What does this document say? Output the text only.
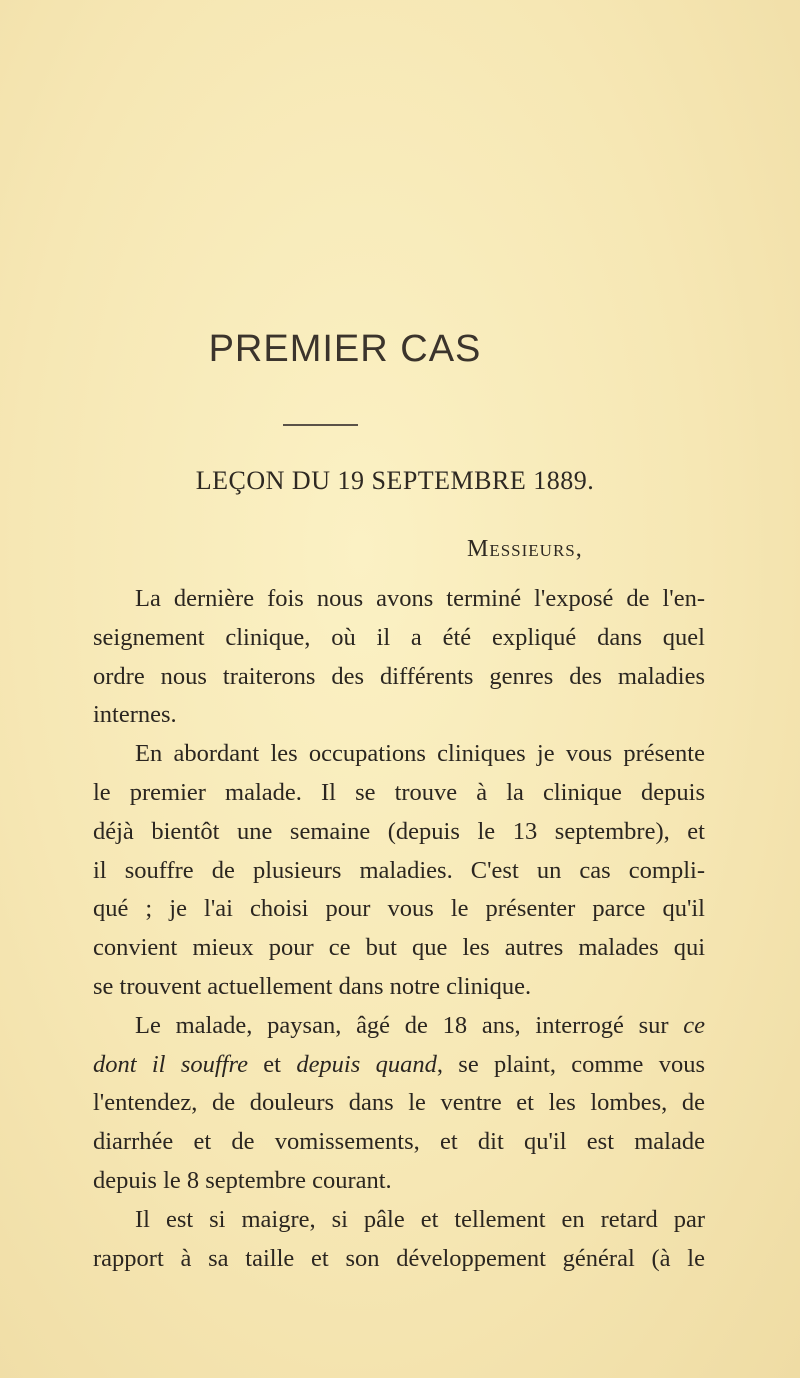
PREMIER CAS
LEÇON DU 19 SEPTEMBRE 1889.
Messieurs,
La dernière fois nous avons terminé l'exposé de l'en-
seignement clinique, où il a été expliqué dans quel
ordre nous traiterons des différents genres des maladies
internes.
En abordant les occupations cliniques je vous présente
le premier malade. Il se trouve à la clinique depuis
déjà bientôt une semaine (depuis le 13 septembre), et
il souffre de plusieurs maladies. C'est un cas compli-
qué ; je l'ai choisi pour vous le présenter parce qu'il
convient mieux pour ce but que les autres malades qui
se trouvent actuellement dans notre clinique.
Le malade, paysan, âgé de 18 ans, interrogé sur ce
dont il souffre et depuis quand, se plaint, comme vous
l'entendez, de douleurs dans le ventre et les lombes, de
diarrhée et de vomissements, et dit qu'il est malade
depuis le 8 septembre courant.
Il est si maigre, si pâle et tellement en retard par
rapport à sa taille et son développement général (à le
